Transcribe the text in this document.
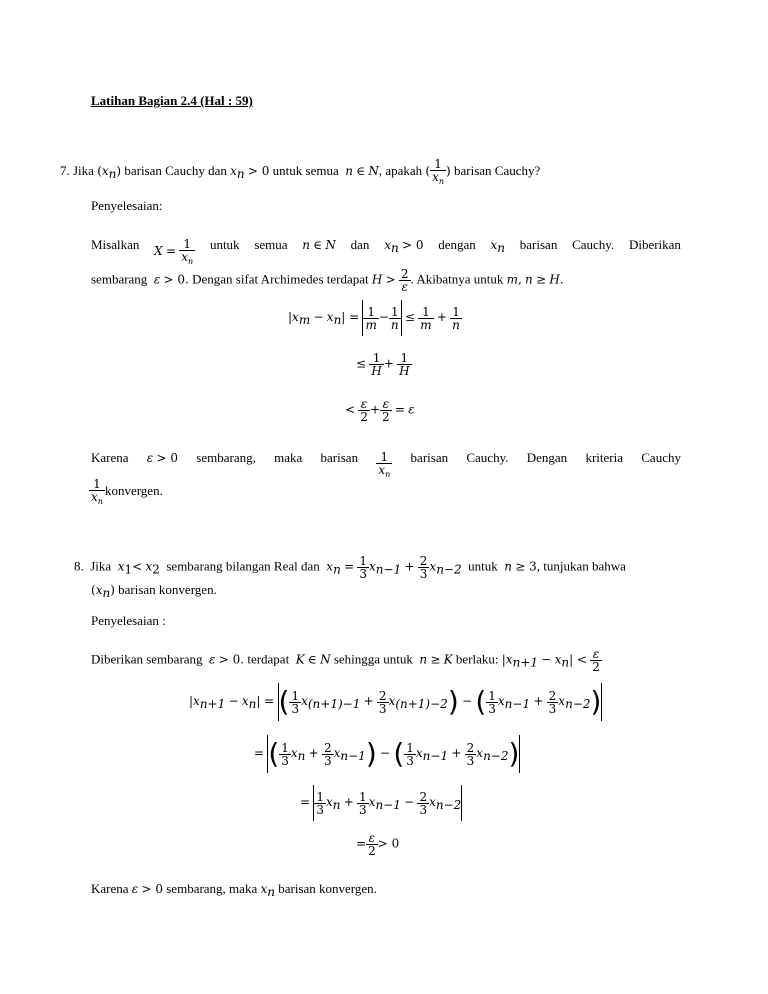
Latihan Bagian 2.4 (Hal : 59)
7. Jika $(x_n)$ barisan Cauchy dan $x_n > 0$ untuk semua n ∈ N, apakah ( $\frac{1}{x_n}$ ) barisan Cauchy?
Penyelesaian:
Misalkan $X = \frac{1}{x_n}$ untuk semua n ∈ N dan $x_n > 0$ dengan $x_n$ barisan Cauchy. Diberikan
sembarang ε > 0. Dengan sifat Archimedes terdapat $H > \frac{2}{\varepsilon}$ . Akibatnya untuk m, n ≥ H.
$|x_m - x_n| = \frac{1}{m} - \frac{1}{n} \le \frac{1}{m} + \frac{1}{n}$
≤ $\frac{1}{H} + \frac{1}{H}$
< $\frac{\varepsilon}{2} + \frac{\varepsilon}{2} = \varepsilon$
Karena ε > 0 sembarang, maka barisan	1
$x_n$
barisan Cauchy. Dengan kriteria Cauchy
$\frac{1}{x_n}$ konvergen.
8. Jika $x_1< x_2$ sembarang bilangan Real dan $x_n = \frac{1}{3} x_{n-1} + \frac{2}{3} x_{n-2}$ untuk n ≥ 3, tunjukan bahwa
$(x_n)$ barisan konvergen.
Penyelesaian :
Diberikan sembarang ε > 0. terdapat K ∈ N sehingga untuk n ≥ K berlaku: $|x_{n+1} - x_n| < \frac{\varepsilon}{2}$
$|x_{n+1} - x_n|$ = ( $\frac{1}{3} x_{(n+1)-1} + \frac{2}{3} x_{(n+1)-2}$) − ( $\frac{1}{3} x_{n-1} + \frac{2}{3} x_{n-2}$)
= ( $\frac{1}{3} x_n + \frac{2}{3} x_{n-1}$) − ( $\frac{1}{3} x_{n-1} + \frac{2}{3} x_{n-2}$)
= $\frac{1}{3} x_n + \frac{1}{3} x_{n-1} - \frac{2}{3} x_{n-2}$
= $\frac{\varepsilon}{2} > 0$
Karena ε > 0 sembarang, maka $x_n$ barisan konvergen.
